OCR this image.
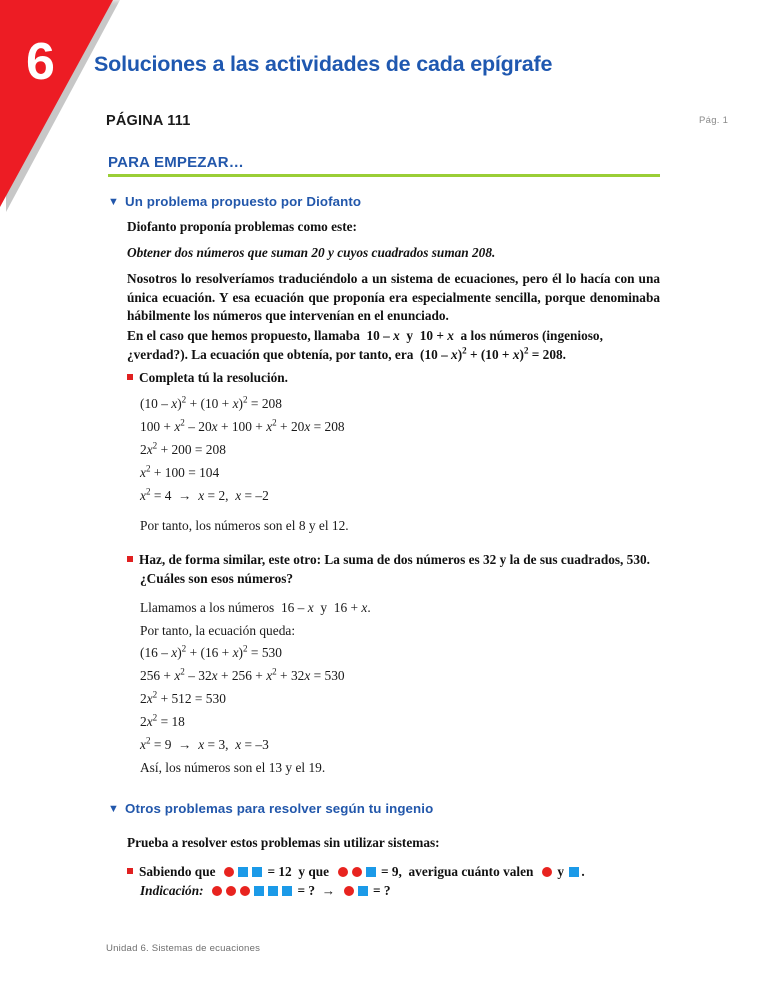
6 Soluciones a las actividades de cada epígrafe
PÁGINA 111	Pág. 1
PARA EMPEZAR…
▼ Un problema propuesto por Diofanto
Diofanto proponía problemas como este:
Obtener dos números que suman 20 y cuyos cuadrados suman 208.
Nosotros lo resolveríamos traduciéndolo a un sistema de ecuaciones, pero él lo hacía con una única ecuación. Y esa ecuación que proponía era especialmente sencilla, porque denominaba hábilmente los números que intervenían en el enunciado.
En el caso que hemos propuesto, llamaba  10 – x  y  10 + x a los números (ingenioso,
¿verdad?). La ecuación que obtenía, por tanto, era  $(10 - x)^2 + (10 + x)^2 = 208$.
Completa tú la resolución.
$(10 - x)^2 + (10 + x)^2 = 208$
$100 + x^2 - 20x + 100 + x^2 + 20x = 208$
$2x^2 + 200 = 208$
$x^2 + 100 = 104$
$x^2 = 4 \to x = 2$,  x = –2
Por tanto, los números son el 8 y el 12.
Haz, de forma similar, este otro: La suma de dos números es 32 y la de sus cuadrados, 530. ¿Cuáles son esos números?
Llamamos a los números  16 – x  y  16 + x.
Por tanto, la ecuación queda:
$(16 - x)^2 + (16 + x)^2 = 530$
$256 + x^2 - 32x + 256 + x^2 + 32x = 530$
$2x^2 + 512 = 530$
$2x^2 = 18$
$x^2 = 9 \to x = 3$,  x = –3
Así, los números son el 13 y el 19.
▼ Otros problemas para resolver según tu ingenio
Prueba a resolver estos problemas sin utilizar sistemas:
Sabiendo que	= 12 y que	= 9, averigua cuánto valen y .
Indicación:	= ? →	= ?
Unidad 6. Sistemas de ecuaciones
